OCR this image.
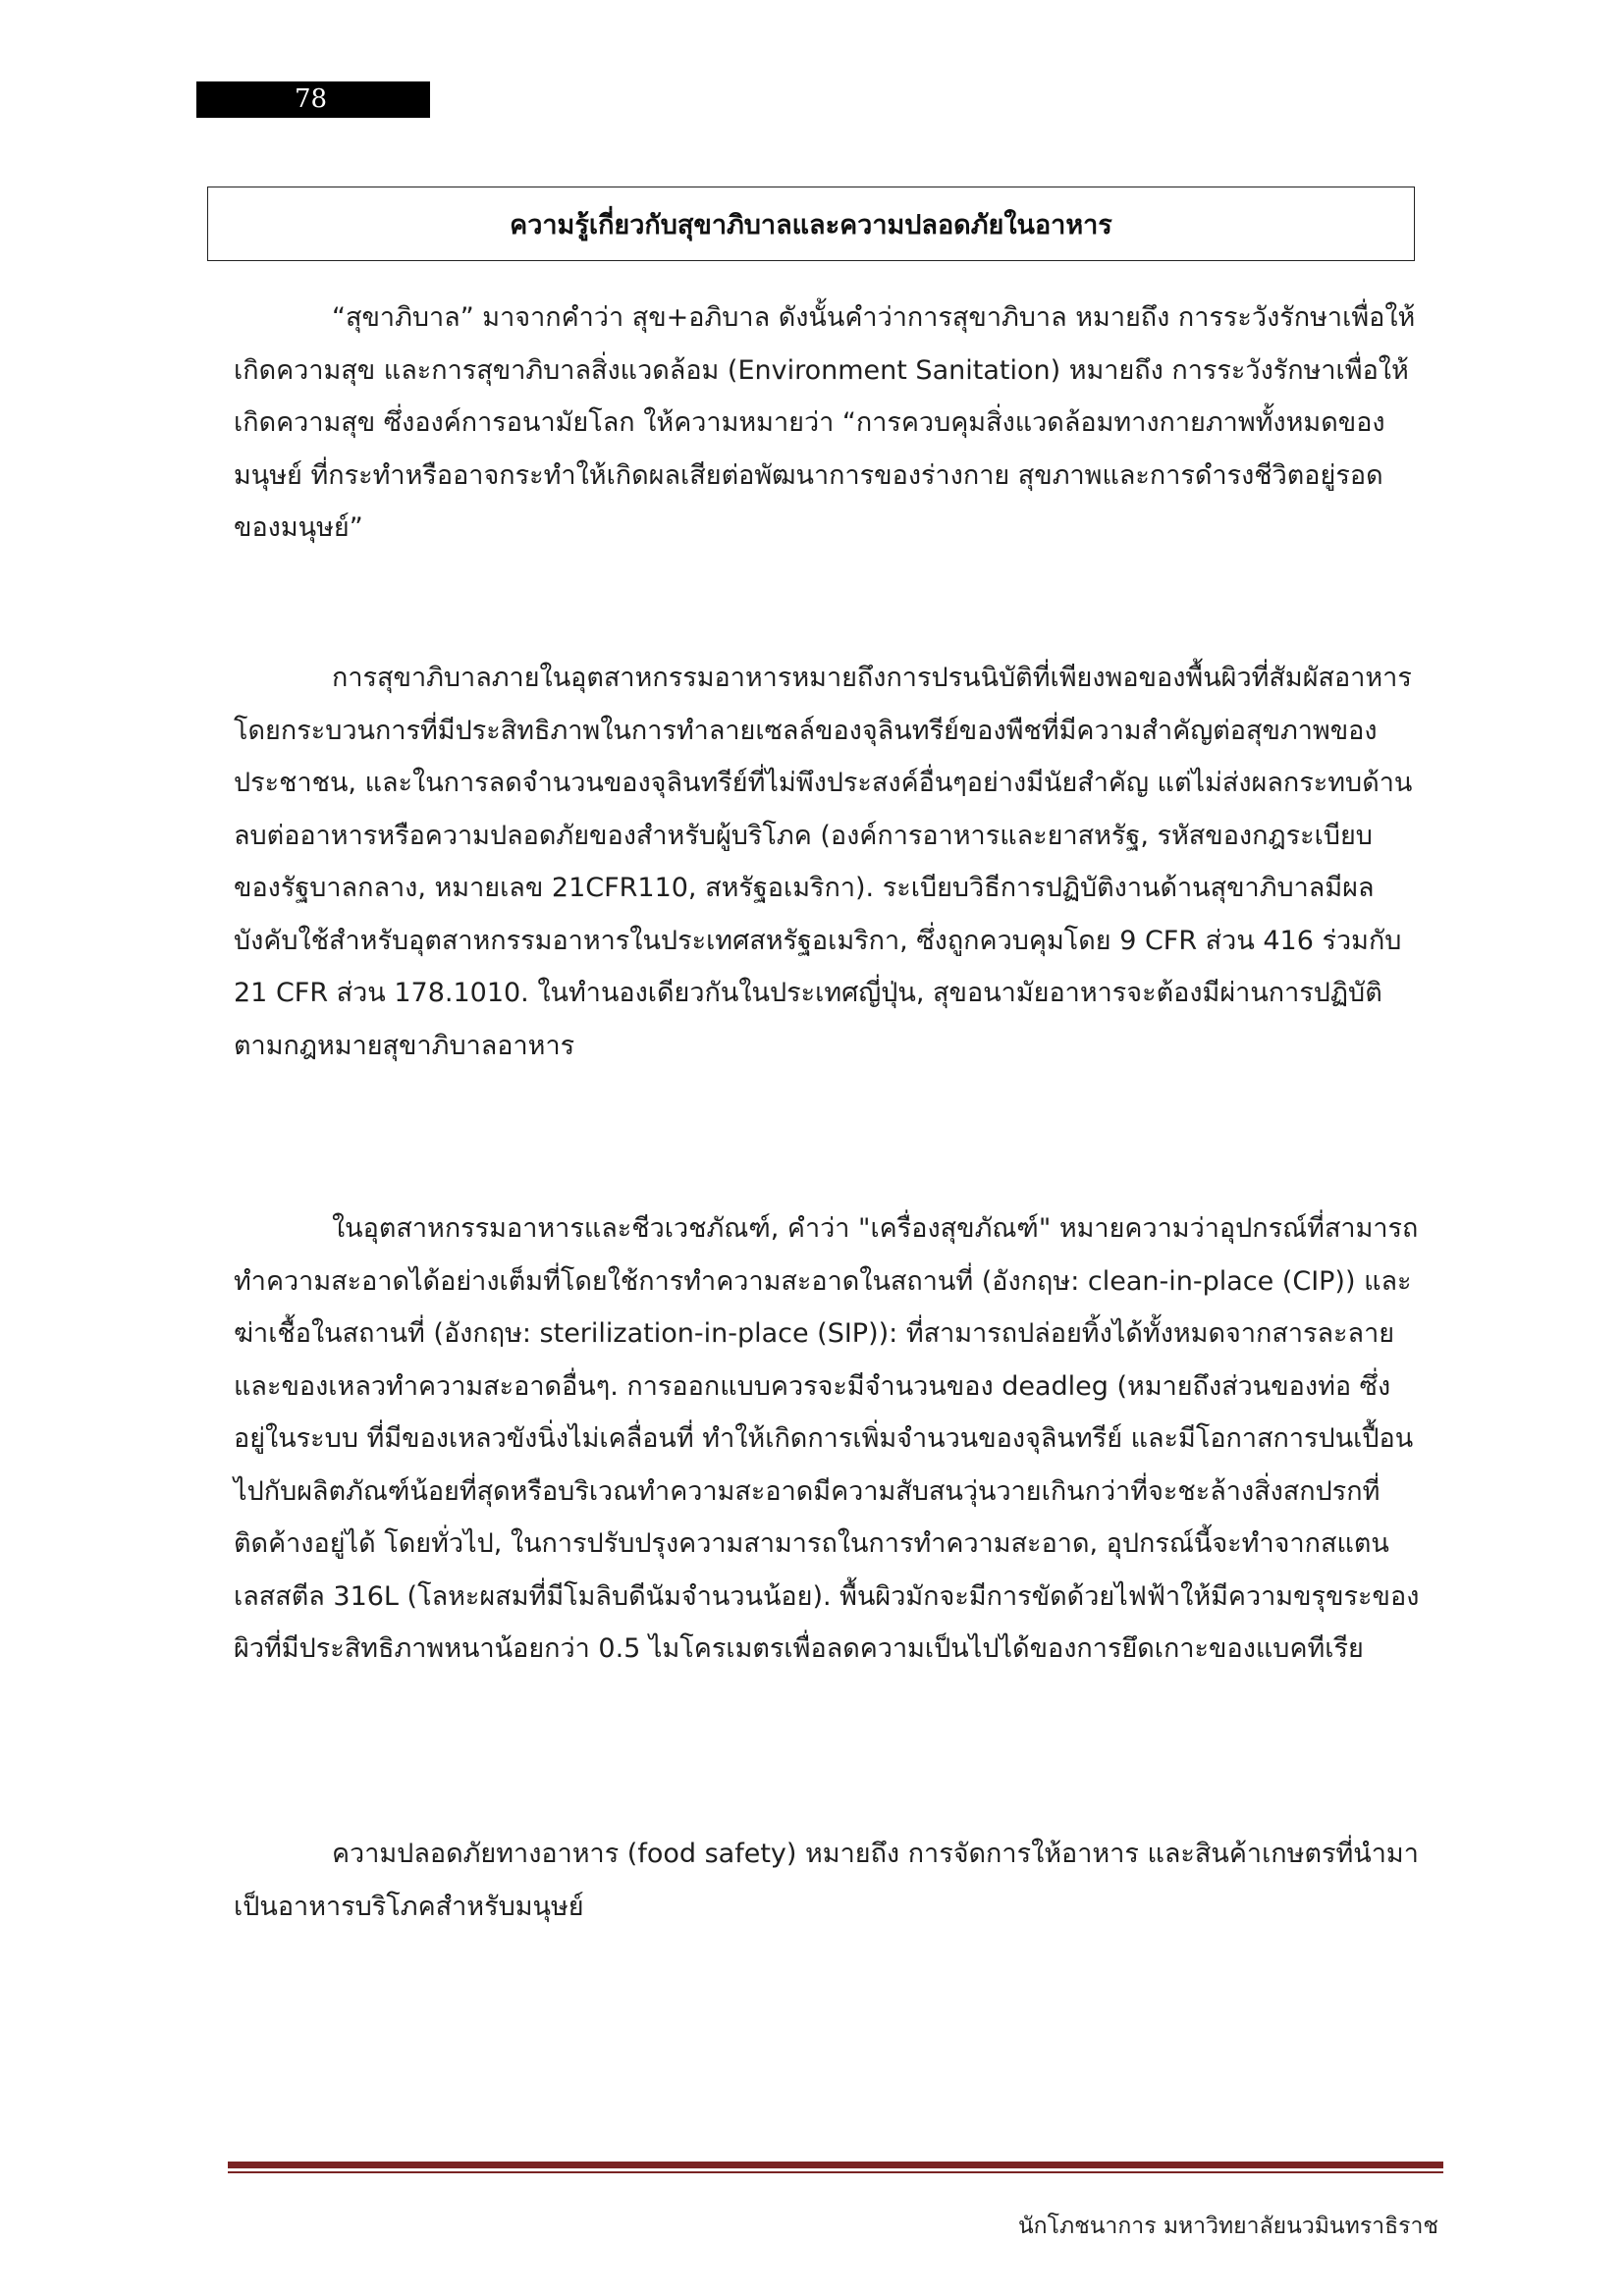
78
ความรู้เกี่ยวกับสุขาภิบาลและความปลอดภัยในอาหาร
“สุขาภิบาล” มาจากคำว่า สุข+อภิบาล ดังนั้นคำว่าการสุขาภิบาล หมายถึง การระวังรักษาเพื่อให้
เกิดความสุข และการสุขาภิบาลสิ่งแวดล้อม (Environment Sanitation) หมายถึง การระวังรักษาเพื่อให้
เกิดความสุข ซึ่งองค์การอนามัยโลก ให้ความหมายว่า “การควบคุมสิ่งแวดล้อมทางกายภาพทั้งหมดของ
มนุษย์ ที่กระทำหรืออาจกระทำให้เกิดผลเสียต่อพัฒนาการของร่างกาย สุขภาพและการดำรงชีวิตอยู่รอด
ของมนุษย์”
การสุขาภิบาลภายในอุตสาหกรรมอาหารหมายถึงการปรนนิบัติที่เพียงพอของพื้นผิวที่สัมผัสอาหาร
โดยกระบวนการที่มีประสิทธิภาพในการทำลายเซลล์ของจุลินทรีย์ของพืชที่มีความสำคัญต่อสุขภาพของ
ประชาชน, และในการลดจำนวนของจุลินทรีย์ที่ไม่พึงประสงค์อื่นๆอย่างมีนัยสำคัญ แต่ไม่ส่งผลกระทบด้าน
ลบต่ออาหารหรือความปลอดภัยของสำหรับผู้บริโภค (องค์การอาหารและยาสหรัฐ, รหัสของกฎระเบียบ
ของรัฐบาลกลาง, หมายเลข 21CFR110, สหรัฐอเมริกา). ระเบียบวิธีการปฏิบัติงานด้านสุขาภิบาลมีผล
บังคับใช้สำหรับอุตสาหกรรมอาหารในประเทศสหรัฐอเมริกา, ซึ่งถูกควบคุมโดย 9 CFR ส่วน 416 ร่วมกับ
21 CFR ส่วน 178.1010. ในทำนองเดียวกันในประเทศญี่ปุ่น, สุขอนามัยอาหารจะต้องมีผ่านการปฏิบัติ
ตามกฎหมายสุขาภิบาลอาหาร
ในอุตสาหกรรมอาหารและชีวเวชภัณฑ์, คำว่า "เครื่องสุขภัณฑ์" หมายความว่าอุปกรณ์ที่สามารถ
ทำความสะอาดได้อย่างเต็มที่โดยใช้การทำความสะอาดในสถานที่ (อังกฤษ: clean-in-place (CIP)) และ
ฆ่าเชื้อในสถานที่ (อังกฤษ: sterilization-in-place (SIP)): ที่สามารถปล่อยทิ้งได้ทั้งหมดจากสารละลาย
และของเหลวทำความสะอาดอื่นๆ. การออกแบบควรจะมีจำนวนของ deadleg (หมายถึงส่วนของท่อ ซึ่ง
อยู่ในระบบ ที่มีของเหลวขังนิ่งไม่เคลื่อนที่ ทำให้เกิดการเพิ่มจำนวนของจุลินทรีย์ และมีโอกาสการปนเปื้อน
ไปกับผลิตภัณฑ์น้อยที่สุดหรือบริเวณทำความสะอาดมีความสับสนวุ่นวายเกินกว่าที่จะชะล้างสิ่งสกปรกที่
ติดค้างอยู่ได้ โดยทั่วไป, ในการปรับปรุงความสามารถในการทำความสะอาด, อุปกรณ์นี้จะทำจากสแตน
เลสสตีล 316L (โลหะผสมที่มีโมลิบดีนัมจำนวนน้อย). พื้นผิวมักจะมีการขัดด้วยไฟฟ้าให้มีความขรุขระของ
ผิวที่มีประสิทธิภาพหนาน้อยกว่า 0.5 ไมโครเมตรเพื่อลดความเป็นไปได้ของการยึดเกาะของแบคทีเรีย
ความปลอดภัยทางอาหาร (food safety) หมายถึง การจัดการให้อาหาร และสินค้าเกษตรที่นำมา
เป็นอาหารบริโภคสำหรับมนุษย์
นักโภชนาการ มหาวิทยาลัยนวมินทราธิราช
